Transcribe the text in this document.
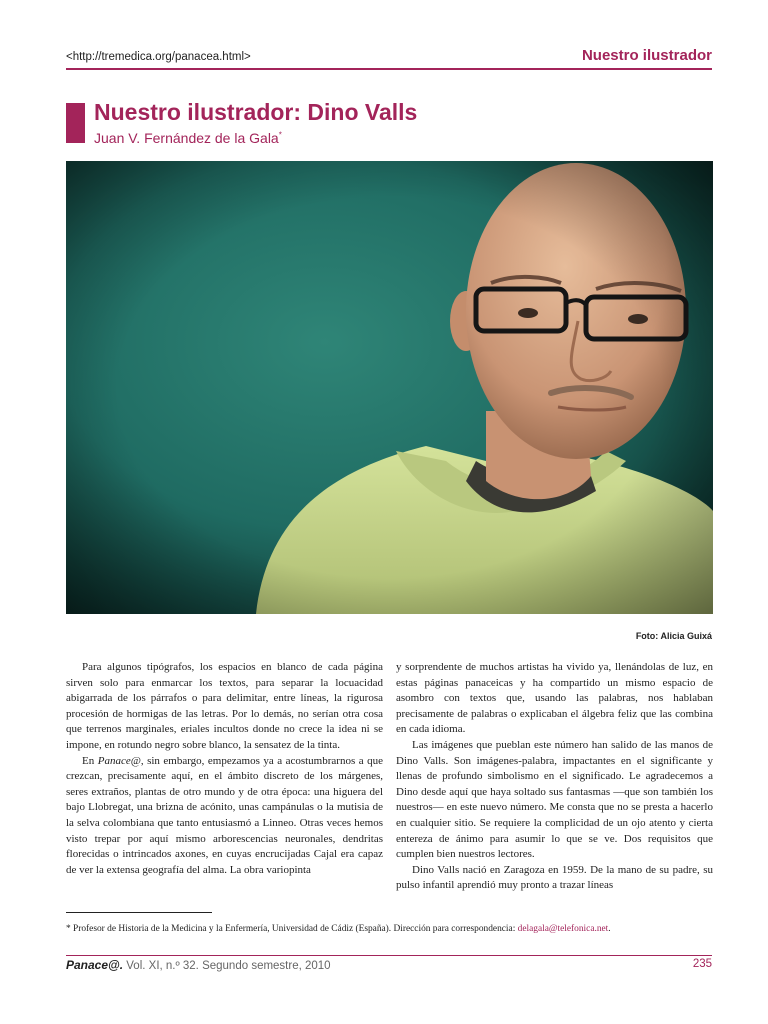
<http://tremedica.org/panacea.html>	Nuestro ilustrador
Nuestro ilustrador: Dino Valls
Juan V. Fernández de la Gala*
Foto: Alicia Guixá

Para algunos tipógrafos, los espacios en blanco de cada página sirven solo para enmarcar los textos, para separar la locuacidad abigarrada de los párrafos o para delimitar, entre líneas, la rigurosa procesión de hormigas de las letras. Por lo demás, no serían otra cosa que terrenos marginales, eriales incultos donde no crece la idea ni se impone, en rotundo negro sobre blanco, la sensatez de la tinta.

En Panace@, sin embargo, empezamos ya a acostumbrarnos a que crezcan, precisamente aquí, en el ámbito discreto de los márgenes, seres extraños, plantas de otro mundo y de otra época: una higuera del bajo Llobregat, una brizna de acónito, unas campánulas o la mutisia de la selva colombiana que tanto entusiasmó a Linneo. Otras veces hemos visto trepar por aquí mismo arborescencias neuronales, dendritas florecidas o intrincados axones, en cuyas encrucijadas Cajal era capaz de ver la extensa geografía del alma. La obra variopinta

y sorprendente de muchos artistas ha vivido ya, llenándolas de luz, en estas páginas panaceicas y ha compartido un mismo espacio de asombro con textos que, usando las palabras, nos hablaban precisamente de palabras o explicaban el álgebra feliz que las combina en cada idioma.

Las imágenes que pueblan este número han salido de las manos de Dino Valls. Son imágenes-palabra, impactantes en el significante y llenas de profundo simbolismo en el significado. Le agradecemos a Dino desde aquí que haya soltado sus fantasmas —que son también los nuestros— en este nuevo número. Me consta que no se presta a hacerlo en cualquier sitio. Se requiere la complicidad de un ojo atento y cierta entereza de ánimo para asumir lo que se ve. Dos requisitos que cumplen bien nuestros lectores.

Dino Valls nació en Zaragoza en 1959. De la mano de su padre, su pulso infantil aprendió muy pronto a trazar líneas

* Profesor de Historia de la Medicina y la Enfermería, Universidad de Cádiz (España). Dirección para correspondencia: delagala@telefonica.net.
Panace@. Vol. XI, n.º 32. Segundo semestre, 2010	235
